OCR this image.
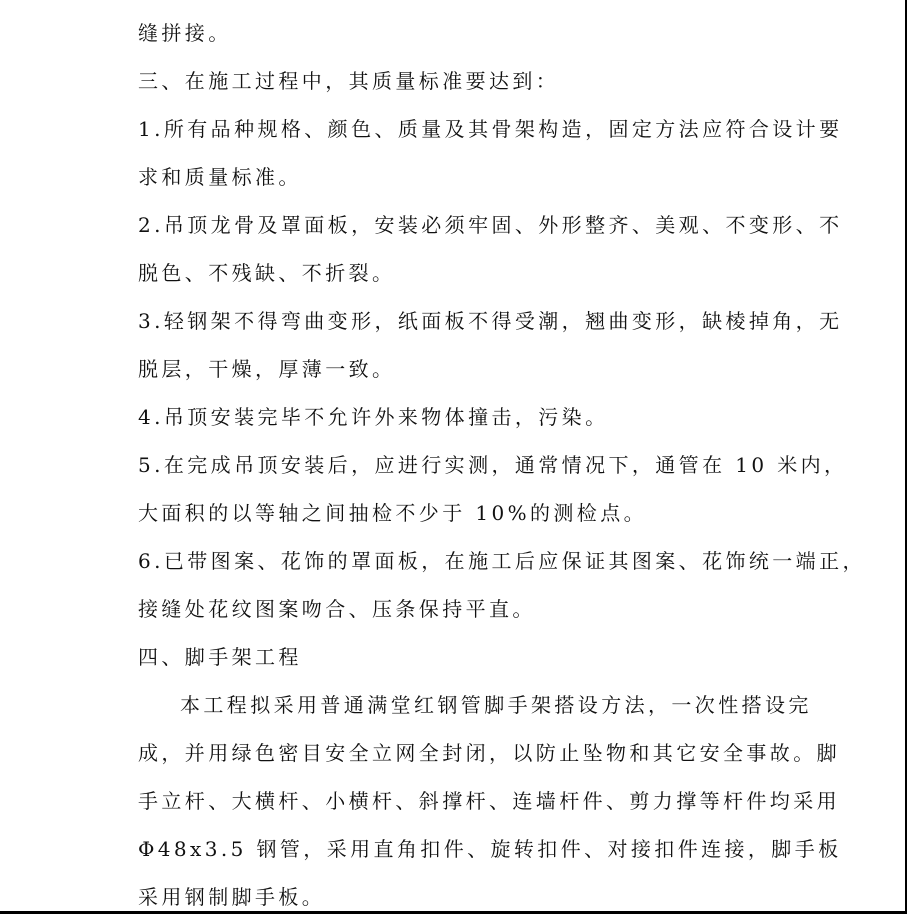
缝拼接。
三、在施工过程中，其质量标准要达到：
1.所有品种规格、颜色、质量及其骨架构造，固定方法应符合设计要
求和质量标准。
2.吊顶龙骨及罩面板，安装必须牢固、外形整齐、美观、不变形、不
脱色、不残缺、不折裂。
3.轻钢架不得弯曲变形，纸面板不得受潮，翘曲变形，缺棱掉角，无
脱层，干燥，厚薄一致。
4.吊顶安装完毕不允许外来物体撞击，污染。
5.在完成吊顶安装后，应进行实测，通常情况下，通管在 10 米内，
大面积的以等轴之间抽检不少于 10%的测检点。
6.已带图案、花饰的罩面板，在施工后应保证其图案、花饰统一端正，
接缝处花纹图案吻合、压条保持平直。
四、脚手架工程
本工程拟采用普通满堂红钢管脚手架搭设方法，一次性搭设完
成，并用绿色密目安全立网全封闭，以防止坠物和其它安全事故。脚
手立杆、大横杆、小横杆、斜撑杆、连墙杆件、剪力撑等杆件均采用
Φ48x3.5 钢管，采用直角扣件、旋转扣件、对接扣件连接，脚手板
采用钢制脚手板。
